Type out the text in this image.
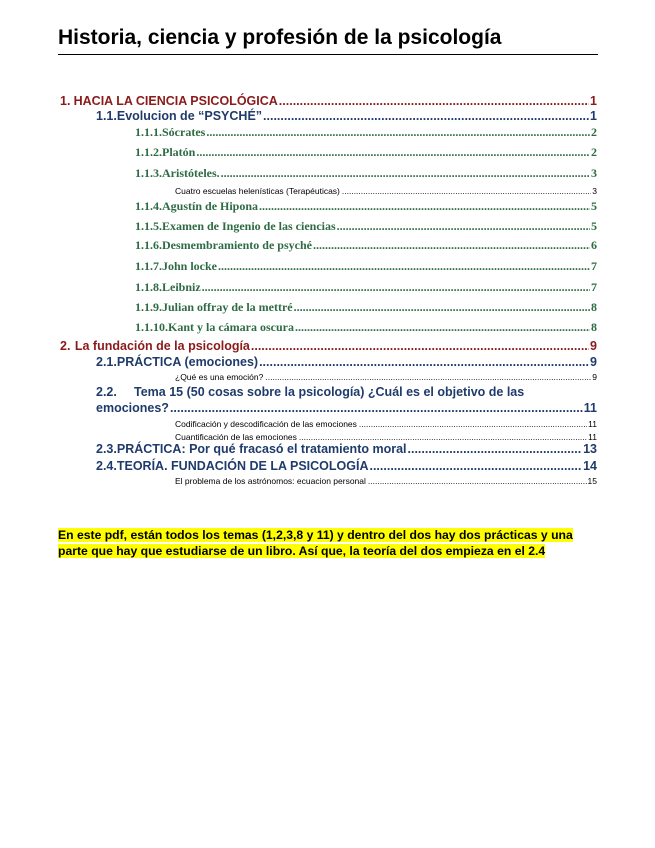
Historia, ciencia y profesión de la psicología
1. HACIA LA CIENCIA PSICOLÓGICA .....	1
1.1. Evolucion de “PSYCHÉ” .....	1
1.1.1. Sócrates .....	2
1.1.2. Platón .....	2
1.1.3. Aristóteles. .....	3
Cuatro escuelas helenísticas (Terapéuticas) .....	3
1.1.4. Agustín de Hipona .....	5
1.1.5. Examen de Ingenio de las ciencias .....	5
1.1.6. Desmembramiento de psyché .....	6
1.1.7. John locke .....	7
1.1.8. Leibniz .....	7
1.1.9. Julian offray de la mettré .....	8
1.1.10. Kant y la cámara oscura .....	8
2. La fundación de la psicología .....	9
2.1. PRÁCTICA (emociones) .....	9
¿Qué es una emoción? .....	9
2.2.	Tema 15 (50 cosas sobre la psicología) ¿Cuál es el objetivo de las
emociones? .....	11
Codificación y descodificación de las emociones .....	11
Cuantificación de las emociones .....	11
2.3. PRÁCTICA: Por qué fracasó el tratamiento moral .....	13
2.4. TEORÍA. FUNDACIÓN DE LA PSICOLOGÍA .....	14
El problema de los astrónomos: ecuacion personal .....	15
En este pdf, están todos los temas (1,2,3,8 y 11) y dentro del dos hay dos prácticas y una parte que hay que estudiarse de un libro. Así que, la teoría del dos empieza en el 2.4
